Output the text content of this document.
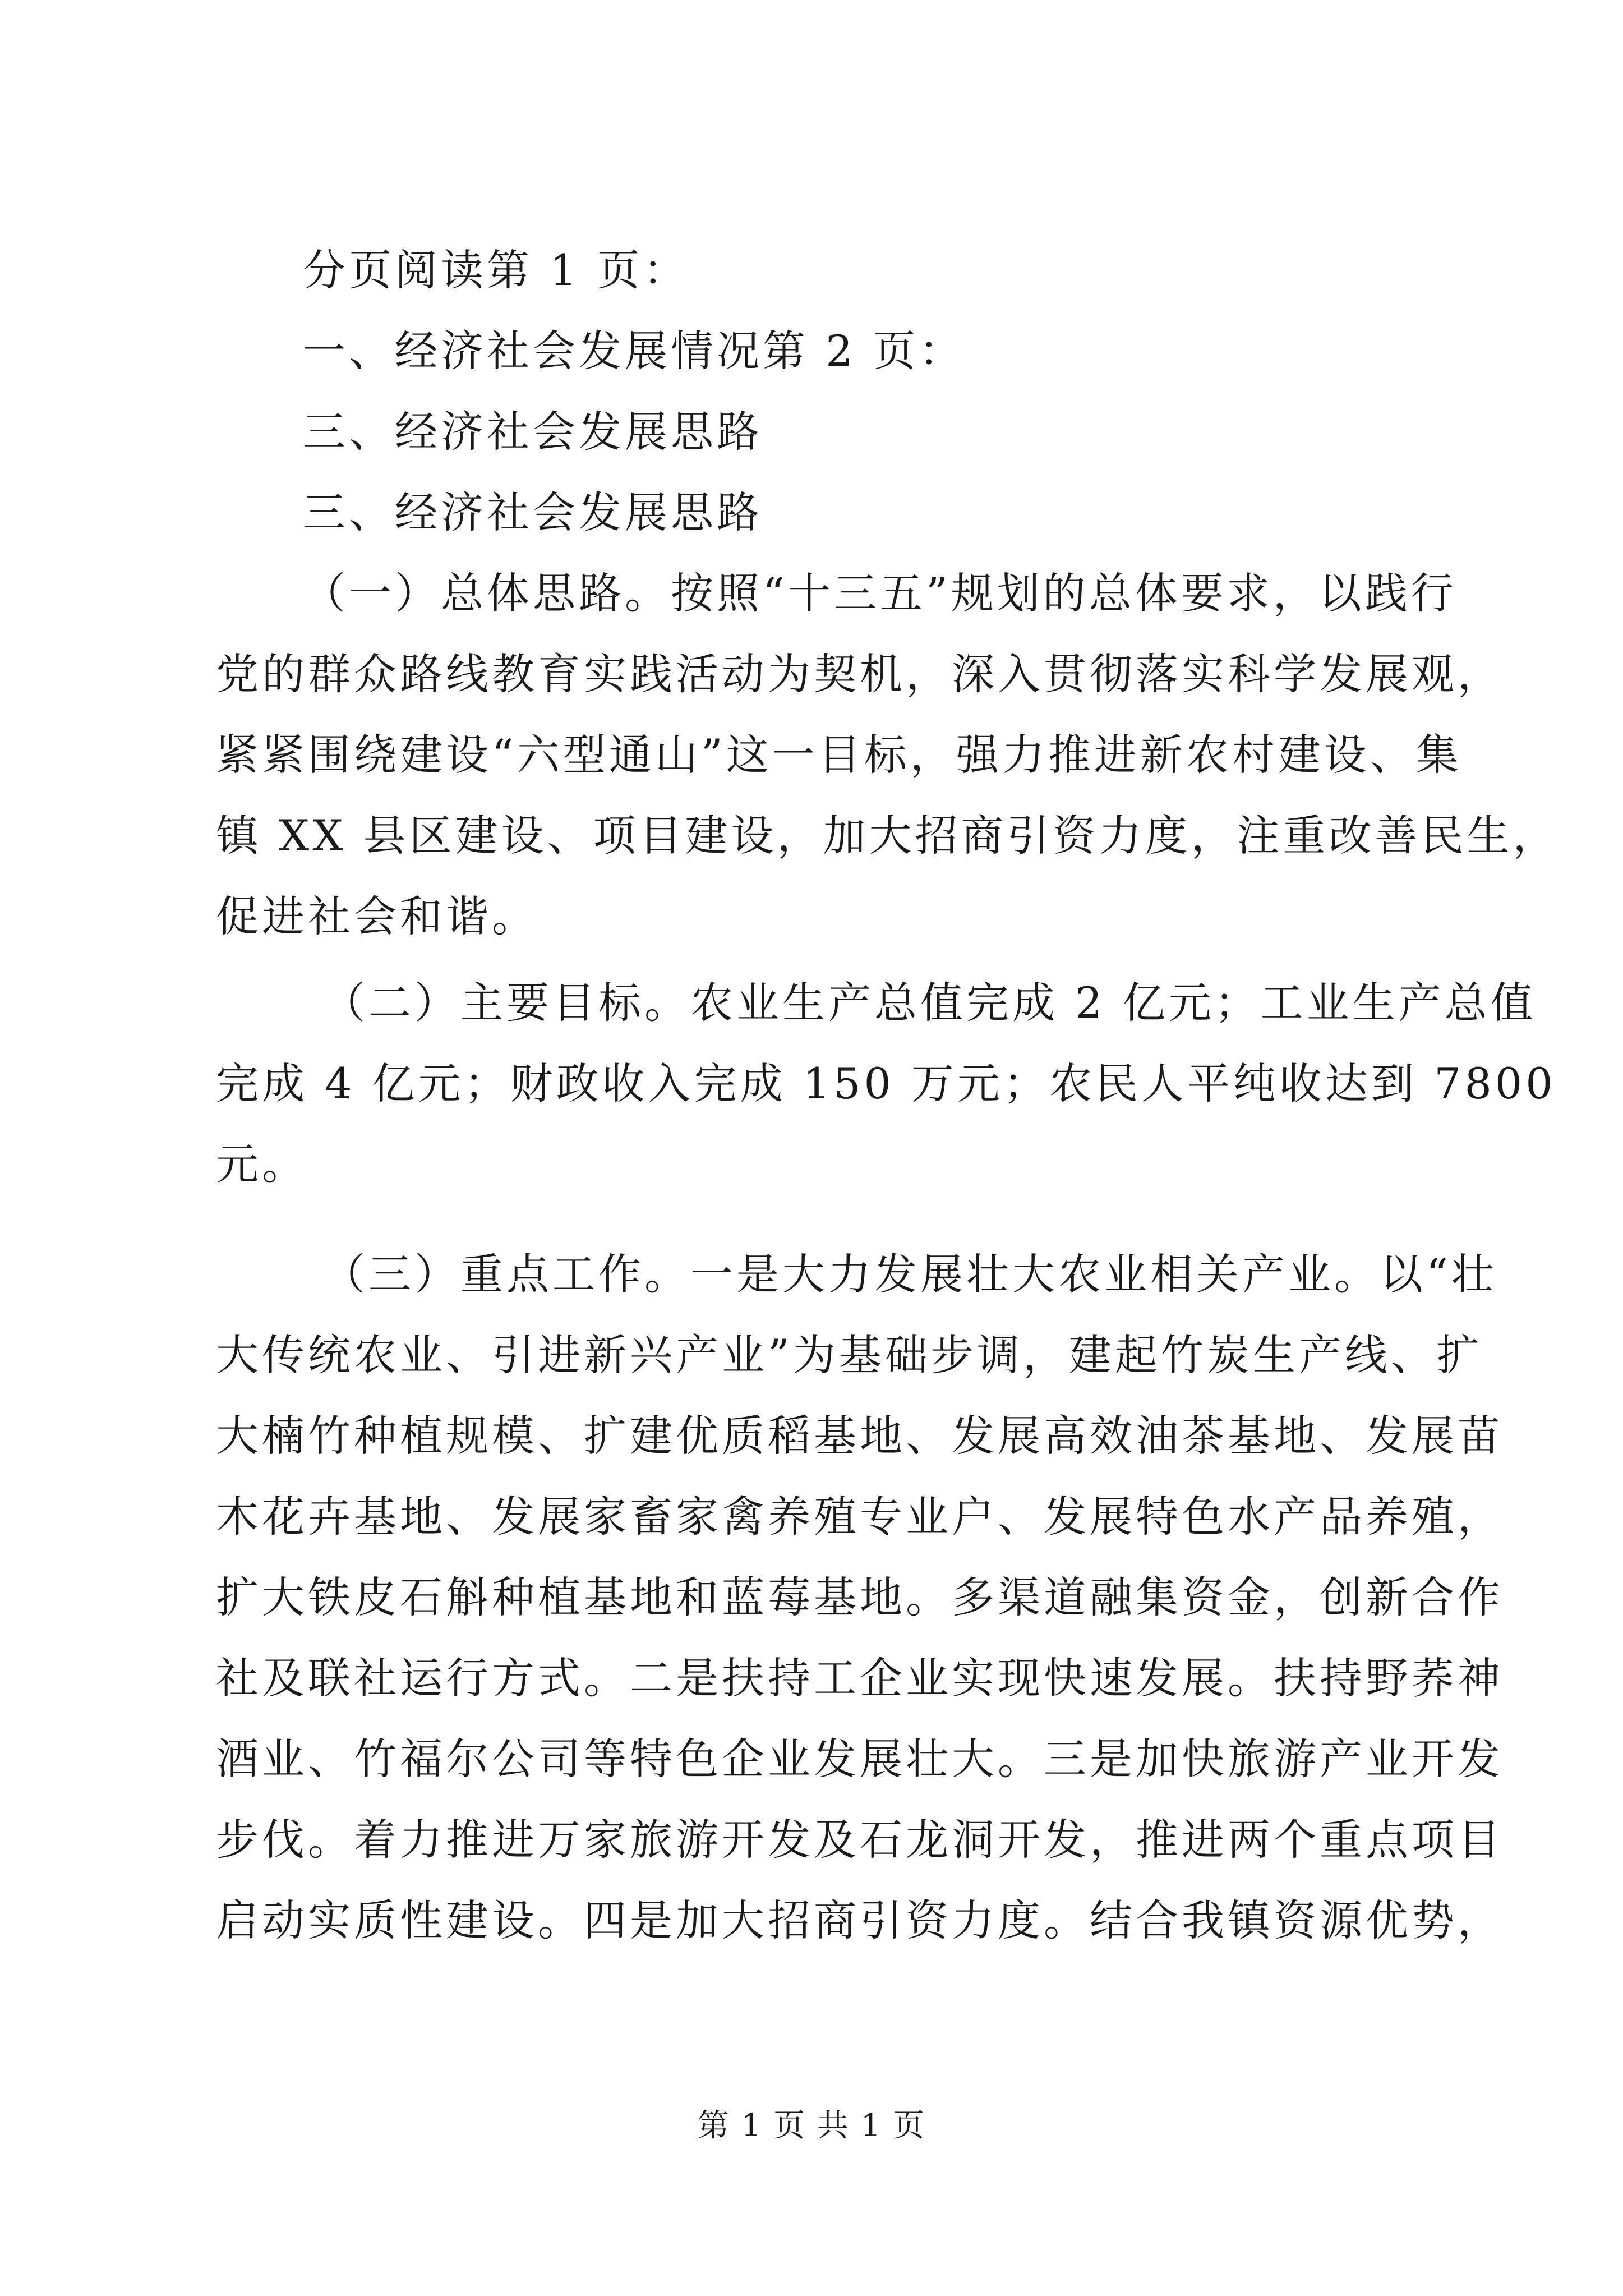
分页阅读第 1 页：
一、经济社会发展情况第 2 页：
三、经济社会发展思路
三、经济社会发展思路
（一）总体思路。按照“十三五”规划的总体要求，以践行
党的群众路线教育实践活动为契机，深入贯彻落实科学发展观，
紧紧围绕建设“六型通山”这一目标，强力推进新农村建设、集
镇 XX 县区建设、项目建设，加大招商引资力度，注重改善民生，
促进社会和谐。
（二）主要目标。农业生产总值完成 2 亿元；工业生产总值
完成 4 亿元；财政收入完成 150 万元；农民人平纯收达到 7800
元。
（三）重点工作。一是大力发展壮大农业相关产业。以“壮
大传统农业、引进新兴产业”为基础步调，建起竹炭生产线、扩
大楠竹种植规模、扩建优质稻基地、发展高效油茶基地、发展苗
木花卉基地、发展家畜家禽养殖专业户、发展特色水产品养殖，
扩大铁皮石斛种植基地和蓝莓基地。多渠道融集资金，创新合作
社及联社运行方式。二是扶持工企业实现快速发展。扶持野荞神
酒业、竹福尔公司等特色企业发展壮大。三是加快旅游产业开发
步伐。着力推进万家旅游开发及石龙洞开发，推进两个重点项目
启动实质性建设。四是加大招商引资力度。结合我镇资源优势，
第 1 页 共 1 页
